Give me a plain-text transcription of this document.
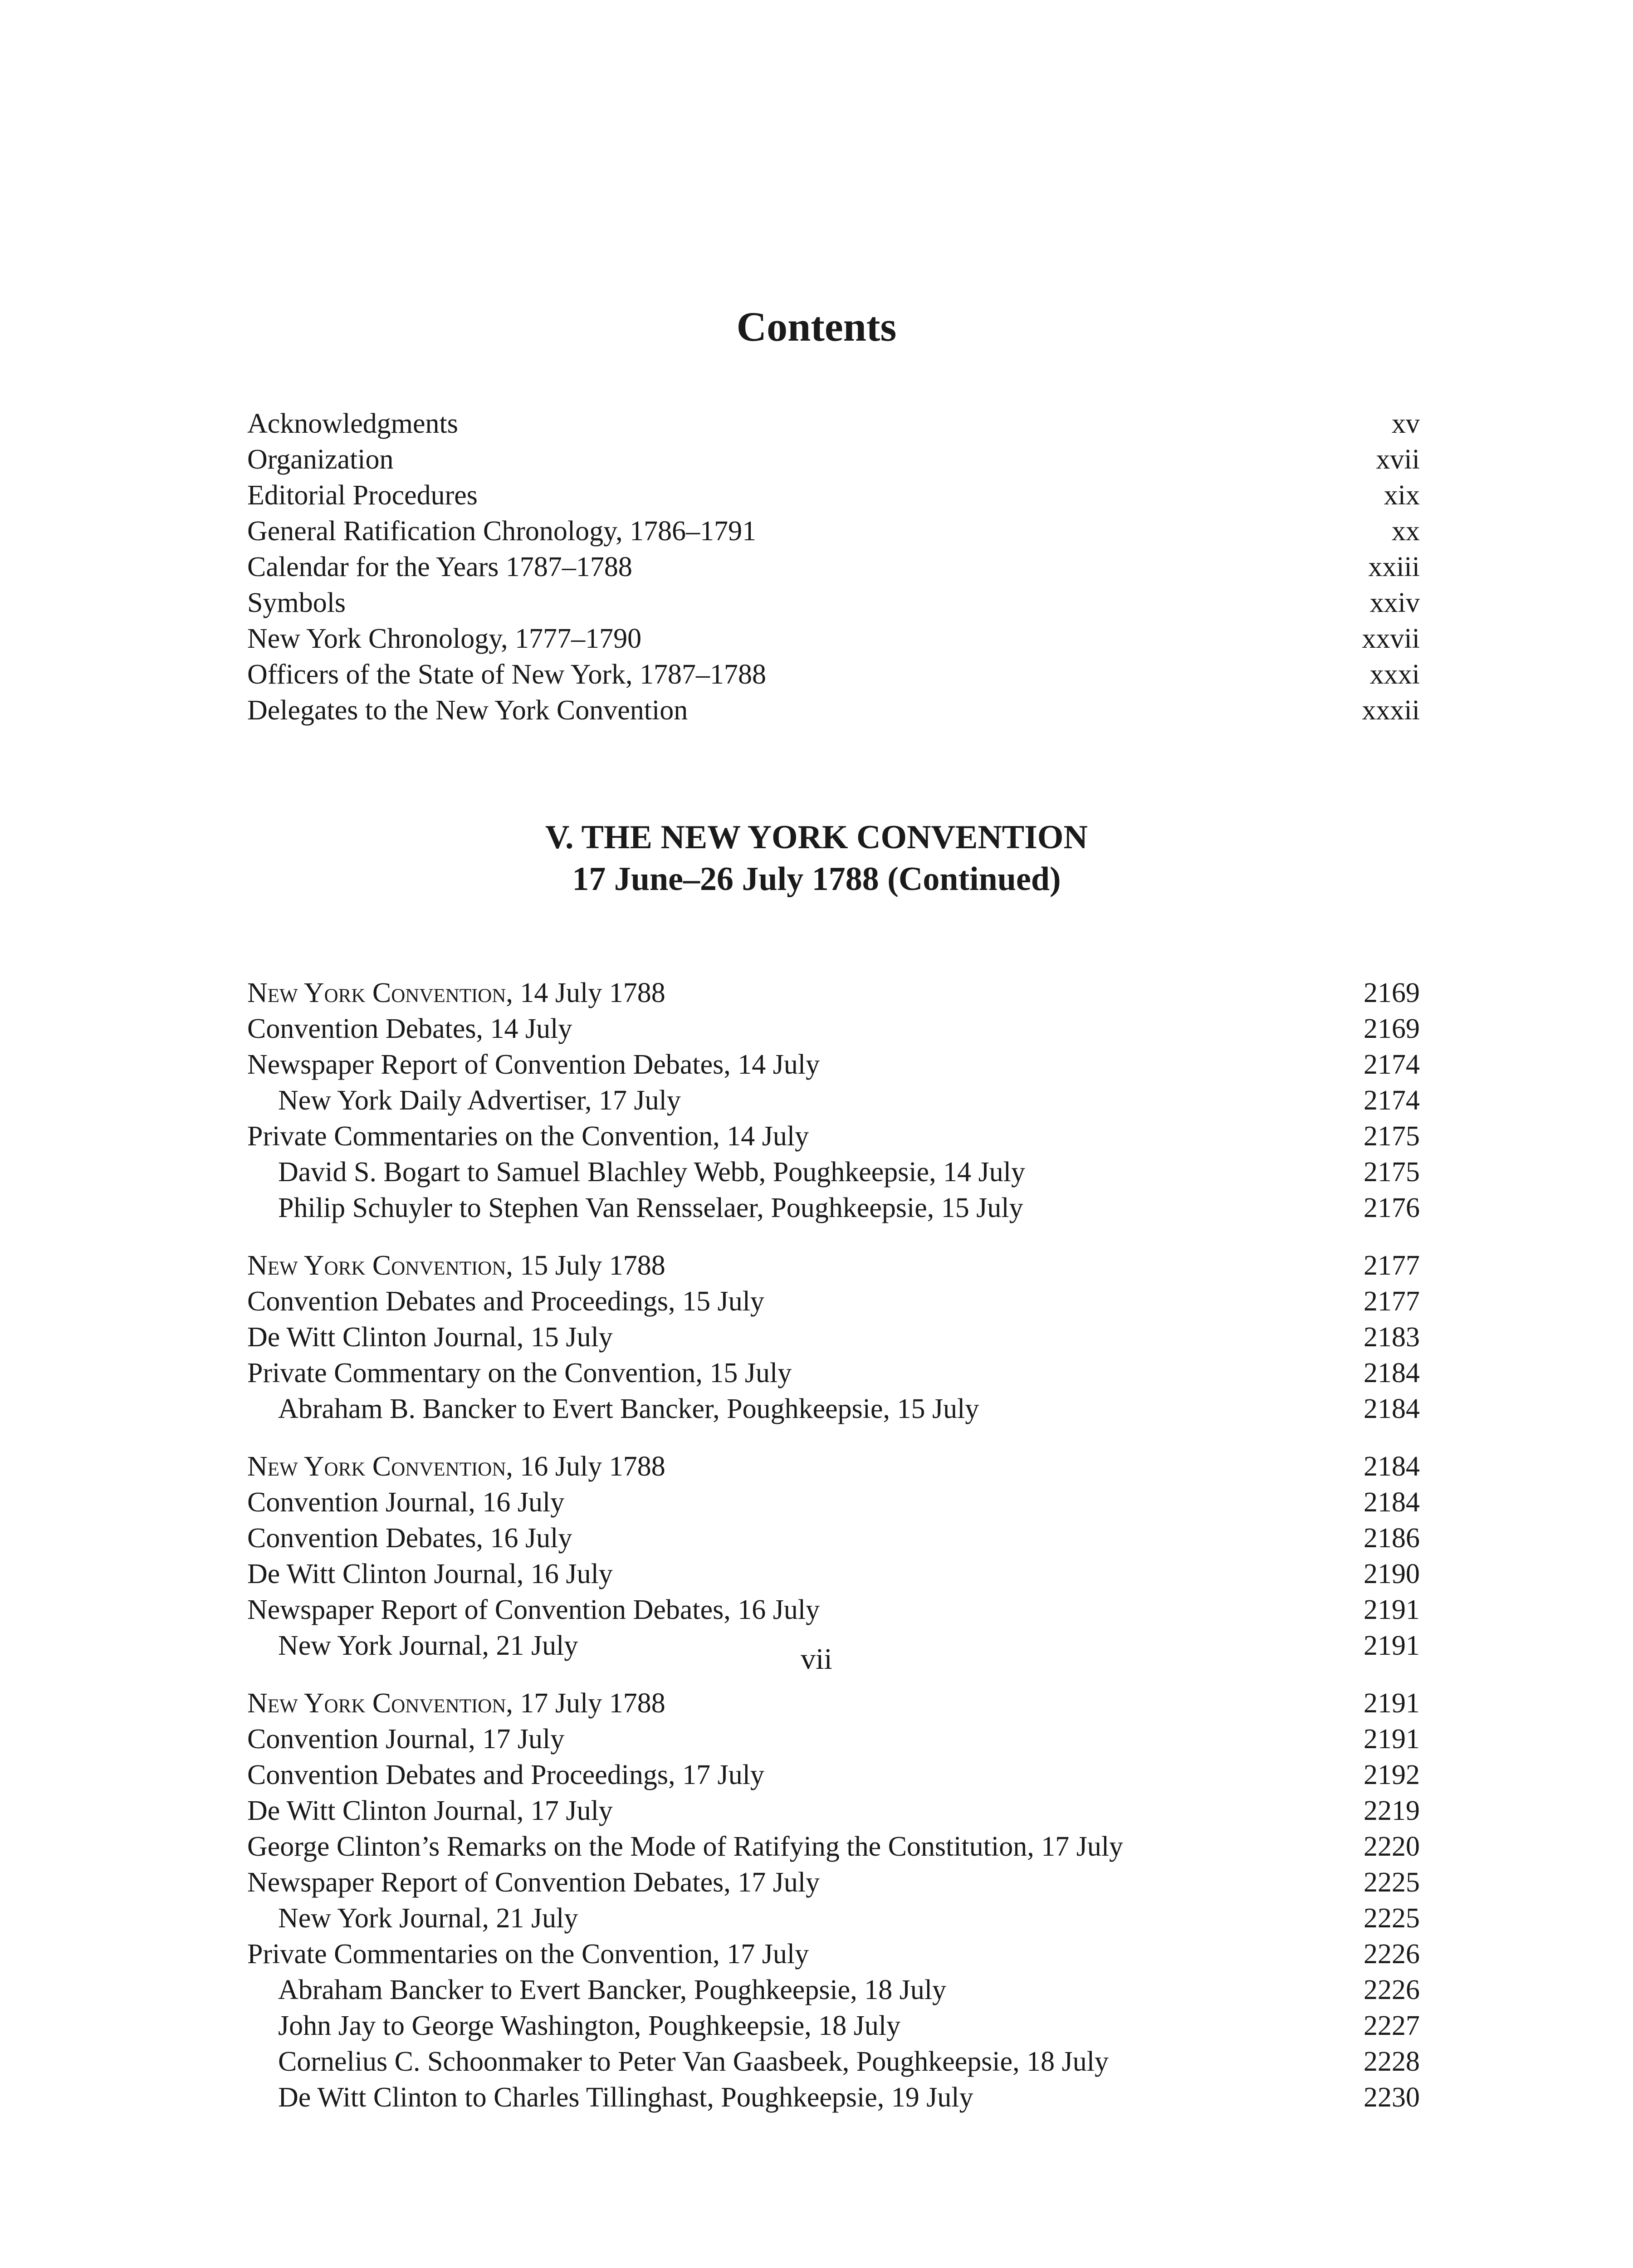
Contents
Acknowledgments	xv
Organization	xvii
Editorial Procedures	xix
General Ratification Chronology, 1786–1791	xx
Calendar for the Years 1787–1788	xxiii
Symbols	xxiv
New York Chronology, 1777–1790	xxvii
Officers of the State of New York, 1787–1788	xxxi
Delegates to the New York Convention	xxxii
V. THE NEW YORK CONVENTION
17 June–26 July 1788 (Continued)
New York Convention, 14 July 1788	2169
Convention Debates, 14 July	2169
Newspaper Report of Convention Debates, 14 July	2174
New York Daily Advertiser, 17 July	2174
Private Commentaries on the Convention, 14 July	2175
David S. Bogart to Samuel Blachley Webb, Poughkeepsie, 14 July	2175
Philip Schuyler to Stephen Van Rensselaer, Poughkeepsie, 15 July	2176
New York Convention, 15 July 1788	2177
Convention Debates and Proceedings, 15 July	2177
De Witt Clinton Journal, 15 July	2183
Private Commentary on the Convention, 15 July	2184
Abraham B. Bancker to Evert Bancker, Poughkeepsie, 15 July	2184
New York Convention, 16 July 1788	2184
Convention Journal, 16 July	2184
Convention Debates, 16 July	2186
De Witt Clinton Journal, 16 July	2190
Newspaper Report of Convention Debates, 16 July	2191
New York Journal, 21 July	2191
New York Convention, 17 July 1788	2191
Convention Journal, 17 July	2191
Convention Debates and Proceedings, 17 July	2192
De Witt Clinton Journal, 17 July	2219
George Clinton’s Remarks on the Mode of Ratifying the Constitution, 17 July	2220
Newspaper Report of Convention Debates, 17 July	2225
New York Journal, 21 July	2225
Private Commentaries on the Convention, 17 July	2226
Abraham Bancker to Evert Bancker, Poughkeepsie, 18 July	2226
John Jay to George Washington, Poughkeepsie, 18 July	2227
Cornelius C. Schoonmaker to Peter Van Gaasbeek, Poughkeepsie, 18 July	2228
De Witt Clinton to Charles Tillinghast, Poughkeepsie, 19 July	2230
vii
